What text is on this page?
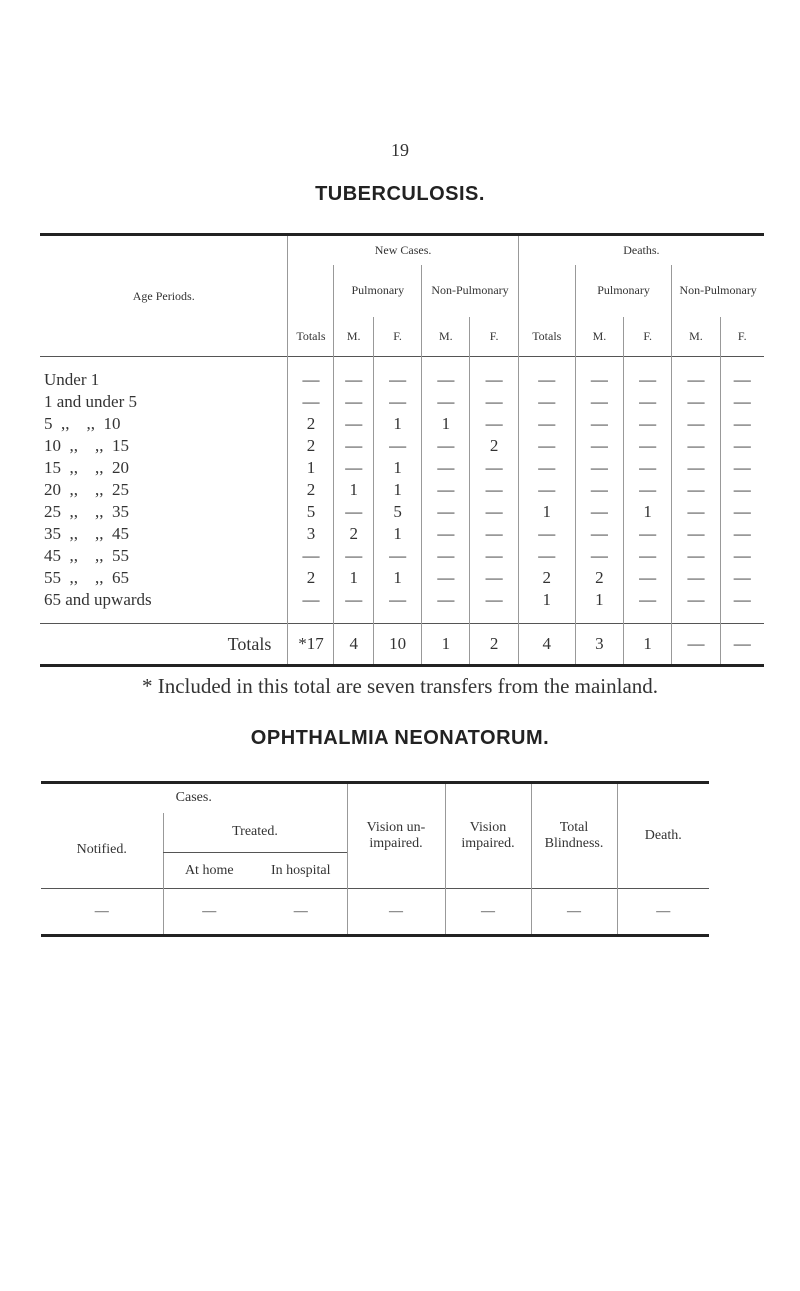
19
TUBERCULOSIS.
Age Periods.	New Cases.					Deaths.				
		Pulmonary		Non-Pulmonary			Pulmonary		Non-Pulmonary	
	Totals	M.	F.	M.	F.	Totals	M.	F.	M.	F.

Under 1	—	—	—	—	—	—	—	—	—	—
1 and under 5	—	—	—	—	—	—	—	—	—	—
5  ,,    ,,  10	2	—	1	1	—	—	—	—	—	—
10  ,,    ,,  15	2	—	—	—	2	—	—	—	—	—
15  ,,    ,,  20	1	—	1	—	—	—	—	—	—	—
20  ,,    ,,  25	2	1	1	—	—	—	—	—	—	—
25  ,,    ,,  35	5	—	5	—	—	1	—	1	—	—
35  ,,    ,,  45	3	2	1	—	—	—	—	—	—	—
45  ,,    ,,  55	—	—	—	—	—	—	—	—	—	—
55  ,,    ,,  65	2	1	1	—	—	2	2	—	—	—
65 and upwards	—	—	—	—	—	1	1	—	—	—

Totals	*17	4	10	1	2	4	3	1	—	—
* Included in this total are seven transfers from the mainland.
OPHTHALMIA NEONATORUM.
Cases.			Vision un-impaired.	Vision impaired.	Total Blindness.	Death.
Notified.	Treated.					
	At home	In hospital				
—	—	—	—	—	—	—
